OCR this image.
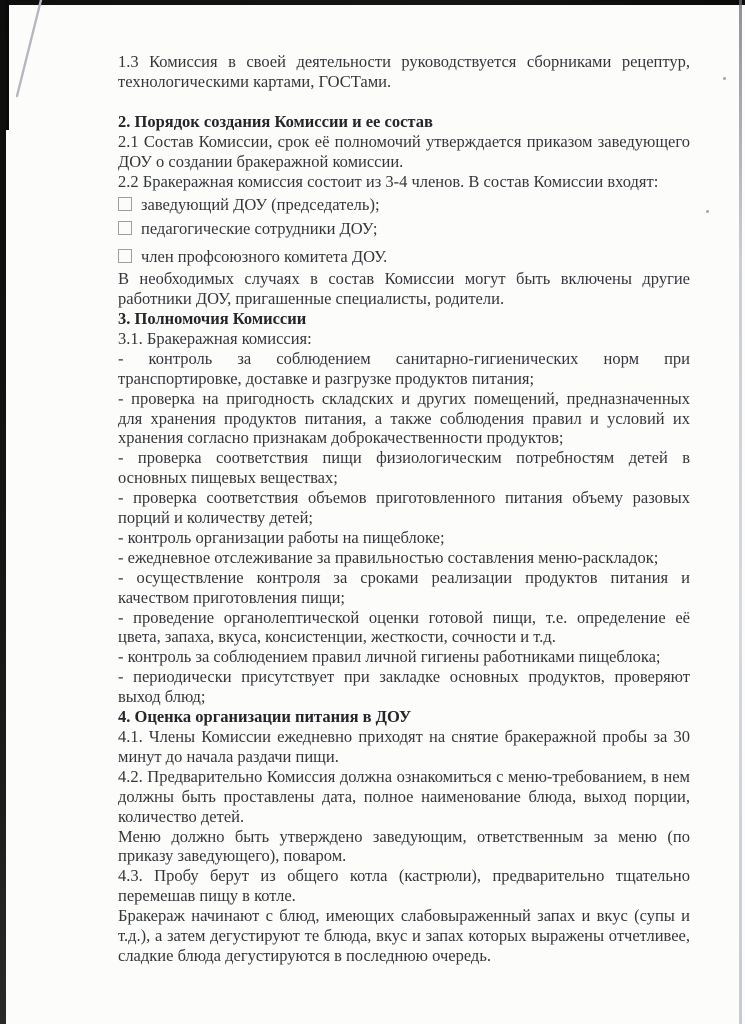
1.3 Комиссия в своей деятельности руководствуется сборниками рецептур, технологическими картами, ГОСТами.

2. Порядок создания Комиссии и ее состав

2.1 Состав Комиссии, срок её полномочий утверждается приказом заведующего ДОУ о создании бракеражной комиссии.

2.2 Бракеражная комиссия состоит из 3-4 членов. В состав Комиссии входят:

заведующий ДОУ (председатель);
педагогические сотрудники ДОУ;
член профсоюзного комитета ДОУ.

В необходимых случаях в состав Комиссии могут быть включены другие работники ДОУ, пригашенные специалисты, родители.

3. Полномочия Комиссии

3.1. Бракеражная комиссия:

- контроль за соблюдением санитарно-гигиенических норм при транспортировке, доставке и разгрузке продуктов питания;

- проверка на пригодность складских и других помещений, предназначенных для хранения продуктов питания, а также соблюдения правил и условий их хранения согласно признакам доброкачественности продуктов;

- проверка соответствия пищи физиологическим потребностям детей в основных пищевых веществах;

- проверка соответствия объемов приготовленного питания объему разовых порций и количеству детей;

- контроль организации работы на пищеблоке;

- ежедневное отслеживание за правильностью составления меню-раскладок;

- осуществление контроля за сроками реализации продуктов питания и качеством приготовления пищи;

- проведение органолептической оценки готовой пищи, т.е. определение её цвета, запаха, вкуса, консистенции, жесткости, сочности и т.д.

- контроль за соблюдением правил личной гигиены работниками пищеблока;

- периодически присутствует при закладке основных продуктов, проверяют выход блюд;

4. Оценка организации питания в ДОУ

4.1. Члены Комиссии ежедневно приходят на снятие бракеражной пробы за 30 минут до начала раздачи пищи.

4.2. Предварительно Комиссия должна ознакомиться с меню-требованием, в нем должны быть проставлены дата, полное наименование блюда, выход порции, количество детей.

Меню должно быть утверждено заведующим, ответственным за меню (по приказу заведующего), поваром.

4.3. Пробу берут из общего котла (кастрюли), предварительно тщательно перемешав пищу в котле.

Бракераж начинают с блюд, имеющих слабовыраженный запах и вкус (супы и т.д.), а затем дегустируют те блюда, вкус и запах которых выражены отчетливее, сладкие блюда дегустируются в последнюю очередь.
